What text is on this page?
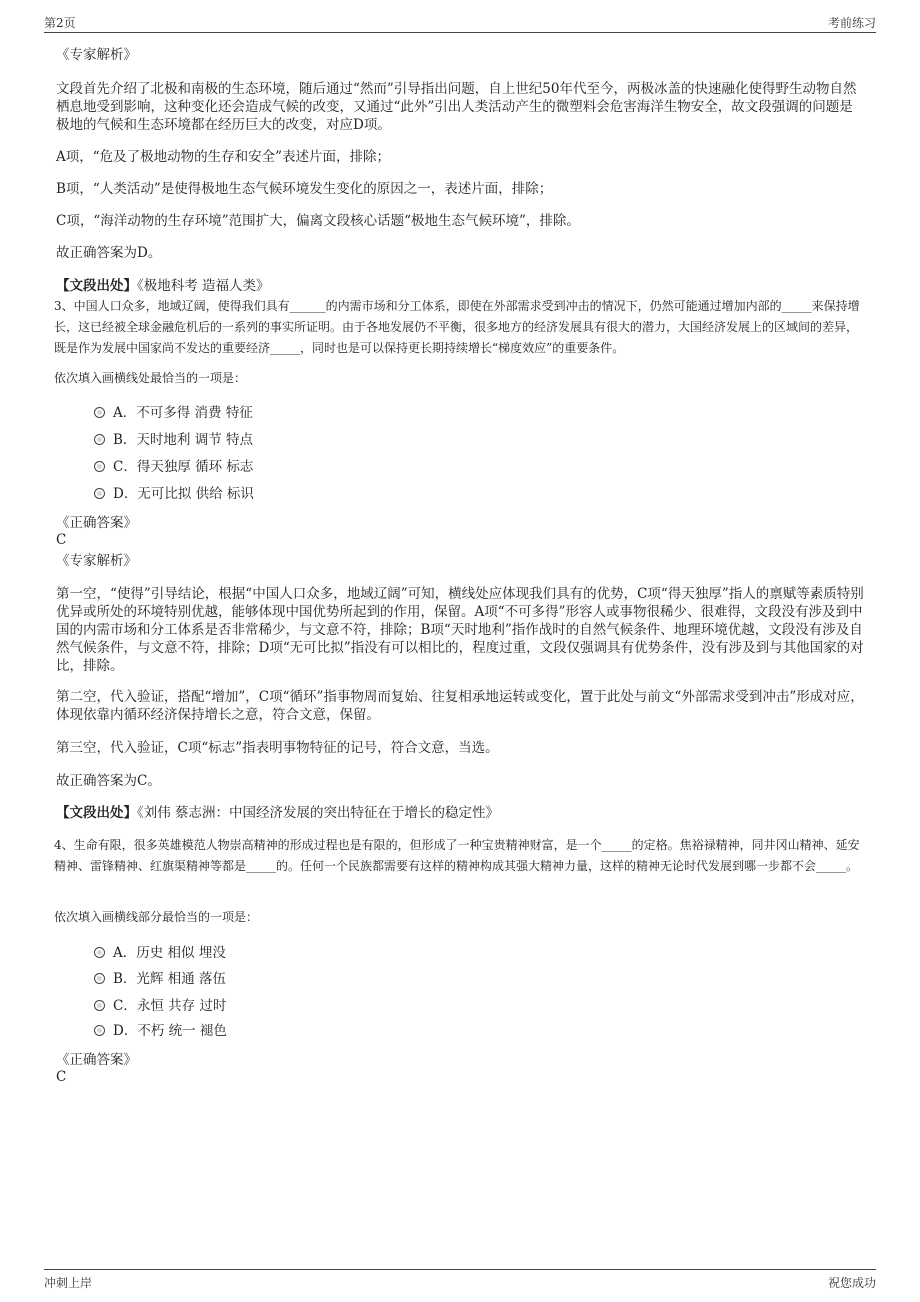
第2页	考前练习
《专家解析》
文段首先介绍了北极和南极的生态环境，随后通过“然而”引导指出问题，自上世纪50年代至今，两极冰盖的快速融化使得野生动物自然栖息地受到影响，这种变化还会造成气候的改变，又通过“此外”引出人类活动产生的微塑料会危害海洋生物安全，故文段强调的问题是极地的气候和生态环境都在经历巨大的改变，对应D项。
A项，“危及了极地动物的生存和安全”表述片面，排除；
B项，“人类活动”是使得极地生态气候环境发生变化的原因之一，表述片面，排除；
C项，“海洋动物的生存环境”范围扩大，偏离文段核心话题“极地生态气候环境”，排除。
故正确答案为D。
【文段出处】《极地科考 造福人类》
3、中国人口众多，地域辽阔，使得我们具有______的内需市场和分工体系，即使在外部需求受到冲击的情况下，仍然可能通过增加内部的_____来保持增长，这已经被全球金融危机后的一系列的事实所证明。由于各地发展仍不平衡，很多地方的经济发展具有很大的潜力，大国经济发展上的区域间的差异，既是作为发展中国家尚不发达的重要经济_____，同时也是可以保持更长期持续增长“梯度效应”的重要条件。
依次填入画横线处最恰当的一项是：
A．不可多得 消费 特征
B．天时地利 调节 特点
C．得天独厚 循环 标志
D．无可比拟 供给 标识
《正确答案》
C
《专家解析》
第一空，“使得”引导结论，根据“中国人口众多，地域辽阔”可知，横线处应体现我们具有的优势，C项“得天独厚”指人的禀赋等素质特别优异或所处的环境特别优越，能够体现中国优势所起到的作用，保留。A项“不可多得”形容人或事物很稀少、很难得，文段没有涉及到中国的内需市场和分工体系是否非常稀少，与文意不符，排除；B项“天时地利”指作战时的自然气候条件、地理环境优越，文段没有涉及自然气候条件，与文意不符，排除；D项“无可比拟”指没有可以相比的，程度过重，文段仅强调具有优势条件，没有涉及到与其他国家的对比，排除。
第二空，代入验证，搭配“增加”，C项“循环”指事物周而复始、往复相承地运转或变化，置于此处与前文“外部需求受到冲击”形成对应，体现依靠内循环经济保持增长之意，符合文意，保留。
第三空，代入验证，C项“标志”指表明事物特征的记号，符合文意，当选。
故正确答案为C。
【文段出处】《刘伟 蔡志洲：中国经济发展的突出特征在于增长的稳定性》
4、生命有限，很多英雄模范人物崇高精神的形成过程也是有限的，但形成了一种宝贵精神财富，是一个_____的定格。焦裕禄精神，同井冈山精神、延安精神、雷锋精神、红旗渠精神等都是_____的。任何一个民族都需要有这样的精神构成其强大精神力量，这样的精神无论时代发展到哪一步都不会_____。
依次填入画横线部分最恰当的一项是：
A．历史 相似 埋没
B．光辉 相通 落伍
C．永恒 共存 过时
D．不朽 统一 褪色
《正确答案》
C
冲刺上岸	祝您成功
